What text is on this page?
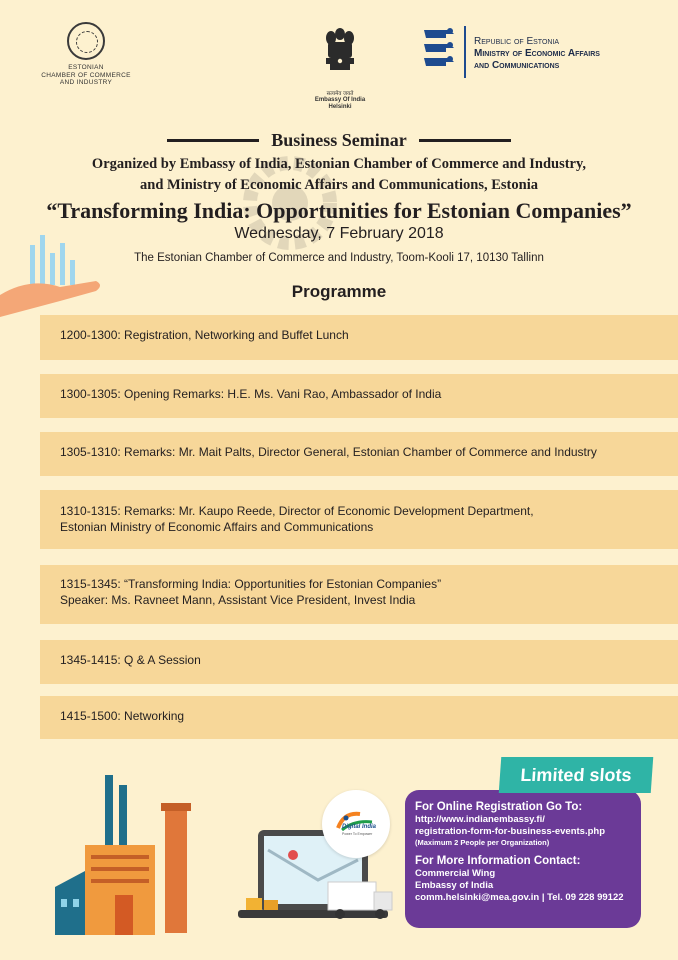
ESTONIAN
CHAMBER OF COMMERCE
AND INDUSTRY
सत्यमेव जयते
Embassy Of India
Helsinki
Republic of Estonia
Ministry of Economic Affairs
and Communications
Business Seminar
Organized by Embassy of India, Estonian Chamber of Commerce and Industry,
and Ministry of Economic Affairs and Communications, Estonia
“Transforming India: Opportunities for Estonian Companies”
Wednesday, 7 February 2018
The Estonian Chamber of Commerce and Industry, Toom-Kooli 17, 10130 Tallinn
Programme
1200-1300: Registration, Networking and Buffet Lunch
1300-1305: Opening Remarks: H.E. Ms. Vani Rao, Ambassador of India
1305-1310: Remarks: Mr. Mait Palts, Director General, Estonian Chamber of Commerce and Industry
1310-1315: Remarks: Mr. Kaupo Reede, Director of Economic Development Department,
Estonian Ministry of Economic Affairs and Communications
1315-1345: “Transforming India: Opportunities for Estonian Companies”
Speaker: Ms. Ravneet Mann, Assistant Vice President, Invest India
1345-1415: Q & A Session
1415-1500: Networking
Digital India
Power To Empower
For Online Registration Go To:
http://www.indianembassy.fi/
registration-form-for-business-events.php
(Maximum 2 People per Organization)
For More Information Contact:
Commercial Wing
Embassy of India
comm.helsinki@mea.gov.in | Tel. 09 228 99122
Limited slots
